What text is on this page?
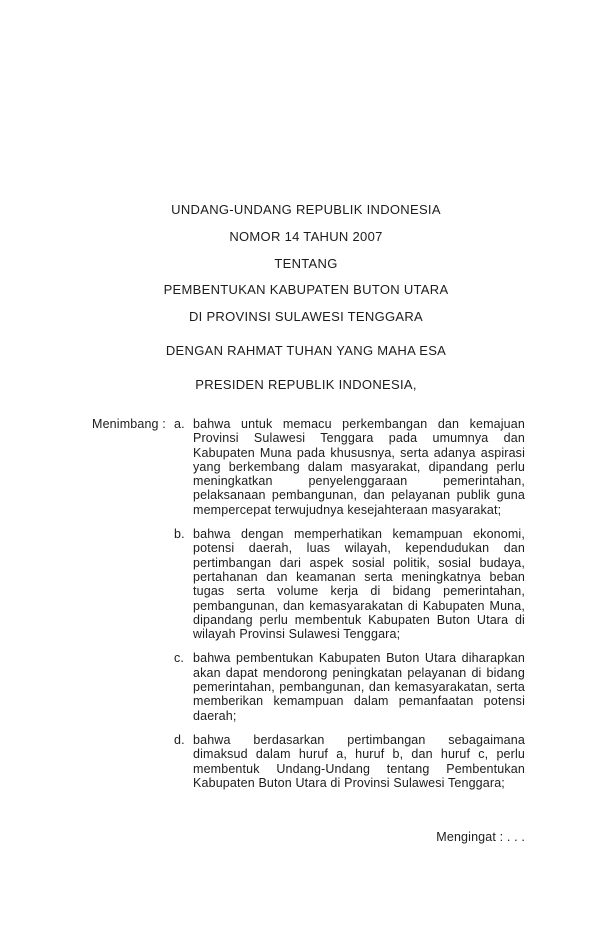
UNDANG-UNDANG REPUBLIK INDONESIA
NOMOR 14 TAHUN 2007
TENTANG
PEMBENTUKAN KABUPATEN BUTON UTARA
DI PROVINSI SULAWESI TENGGARA
DENGAN RAHMAT TUHAN YANG MAHA ESA
PRESIDEN REPUBLIK INDONESIA,
Menimbang : a. bahwa untuk memacu perkembangan dan kemajuan Provinsi Sulawesi Tenggara pada umumnya dan Kabupaten Muna pada khususnya, serta adanya aspirasi yang berkembang dalam masyarakat, dipandang perlu meningkatkan penyelenggaraan pemerintahan, pelaksanaan pembangunan, dan pelayanan publik guna mempercepat terwujudnya kesejahteraan masyarakat;
b. bahwa dengan memperhatikan kemampuan ekonomi, potensi daerah, luas wilayah, kependudukan dan pertimbangan dari aspek sosial politik, sosial budaya, pertahanan dan keamanan serta meningkatnya beban tugas serta volume kerja di bidang pemerintahan, pembangunan, dan kemasyarakatan di Kabupaten Muna, dipandang perlu membentuk Kabupaten Buton Utara di wilayah Provinsi Sulawesi Tenggara;
c. bahwa pembentukan Kabupaten Buton Utara diharapkan akan dapat mendorong peningkatan pelayanan di bidang pemerintahan, pembangunan, dan kemasyarakatan, serta memberikan kemampuan dalam pemanfaatan potensi daerah;
d. bahwa berdasarkan pertimbangan sebagaimana dimaksud dalam huruf a, huruf b, dan huruf c, perlu membentuk Undang-Undang tentang Pembentukan Kabupaten Buton Utara di Provinsi Sulawesi Tenggara;
Mengingat : . . .
